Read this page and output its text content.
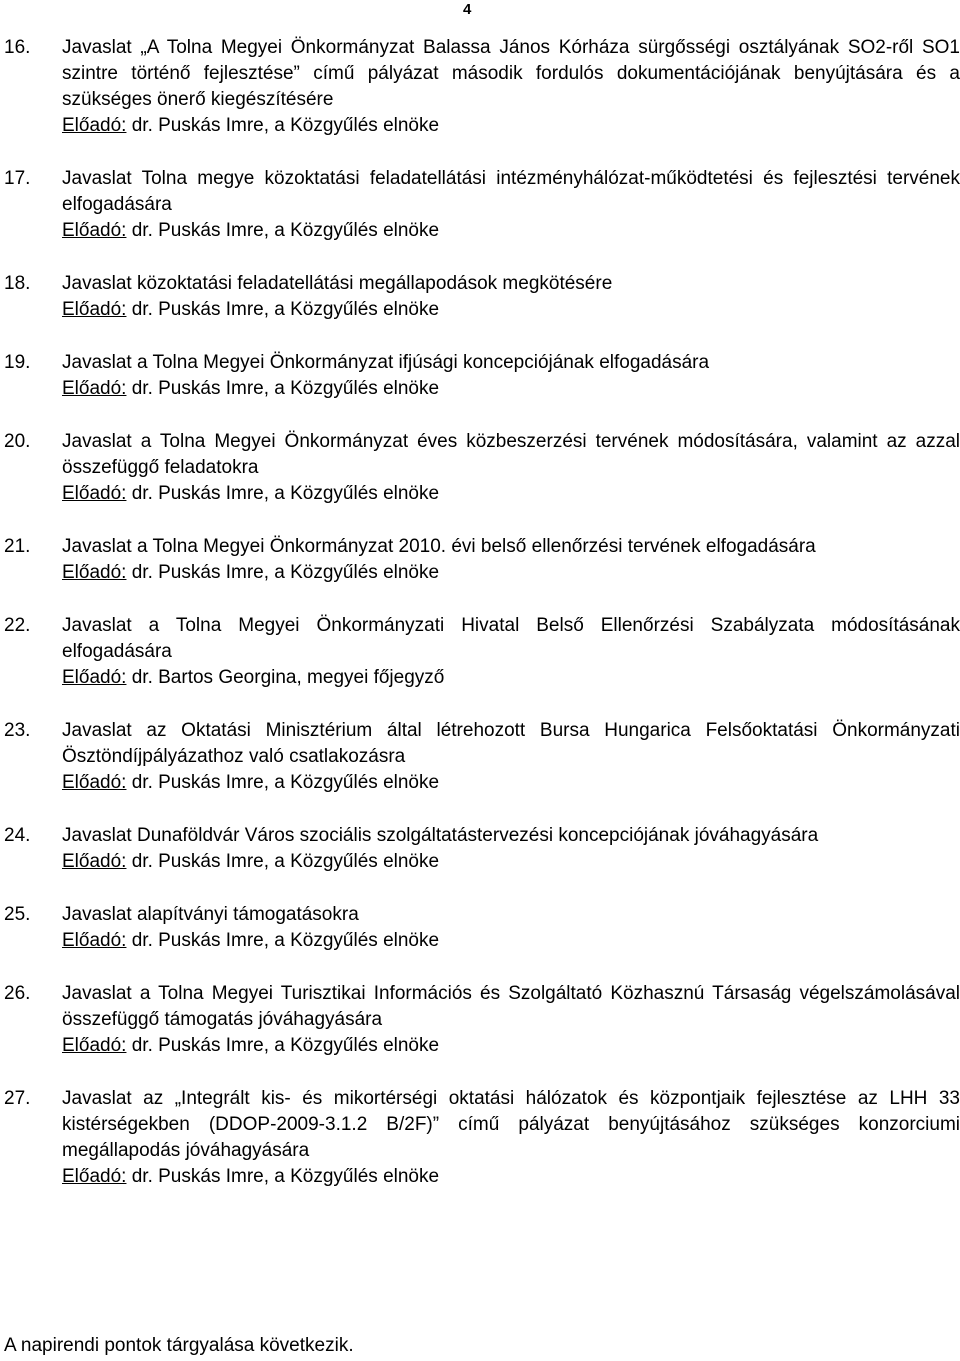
4
16.	Javaslat „A Tolna Megyei Önkormányzat Balassa János Kórháza sürgősségi osztályának SO2-ről SO1 szintre történő fejlesztése” című pályázat második fordulós dokumentációjának benyújtására és a szükséges önerő kiegészítésére

Előadó: dr. Puskás Imre, a Közgyűlés elnöke

17.	Javaslat Tolna megye közoktatási feladatellátási intézményhálózat-működtetési és fejlesztési tervének elfogadására

Előadó: dr. Puskás Imre, a Közgyűlés elnöke

18.	Javaslat közoktatási feladatellátási megállapodások megkötésére

Előadó: dr. Puskás Imre, a Közgyűlés elnöke

19.	Javaslat a Tolna Megyei Önkormányzat ifjúsági koncepciójának elfogadására

Előadó: dr. Puskás Imre, a Közgyűlés elnöke

20.	Javaslat a Tolna Megyei Önkormányzat éves közbeszerzési tervének módosítására, valamint az azzal összefüggő feladatokra

Előadó: dr. Puskás Imre, a Közgyűlés elnöke

21.	Javaslat a Tolna Megyei Önkormányzat 2010. évi belső ellenőrzési tervének elfogadására

Előadó: dr. Puskás Imre, a Közgyűlés elnöke

22.	Javaslat a Tolna Megyei Önkormányzati Hivatal Belső Ellenőrzési Szabályzata módosításának elfogadására

Előadó: dr. Bartos Georgina, megyei főjegyző

23.	Javaslat az Oktatási Minisztérium által létrehozott Bursa Hungarica Felsőoktatási Önkormányzati Ösztöndíjpályázathoz való csatlakozásra

Előadó: dr. Puskás Imre, a Közgyűlés elnöke

24.	Javaslat Dunaföldvár Város szociális szolgáltatástervezési koncepciójának jóváhagyására

Előadó: dr. Puskás Imre, a Közgyűlés elnöke

25.	Javaslat alapítványi támogatásokra

Előadó: dr. Puskás Imre, a Közgyűlés elnöke

26.	Javaslat a Tolna Megyei Turisztikai Információs és Szolgáltató Közhasznú Társaság végelszámolásával összefüggő támogatás jóváhagyására

Előadó: dr. Puskás Imre, a Közgyűlés elnöke

27.	Javaslat az „Integrált kis- és mikortérségi oktatási hálózatok és központjaik fejlesztése az LHH 33 kistérségekben (DDOP-2009-3.1.2 B/2F)” című pályázat benyújtásához szükséges konzorciumi megállapodás jóváhagyására

Előadó: dr. Puskás Imre, a Közgyűlés elnöke

A napirendi pontok tárgyalása következik.
